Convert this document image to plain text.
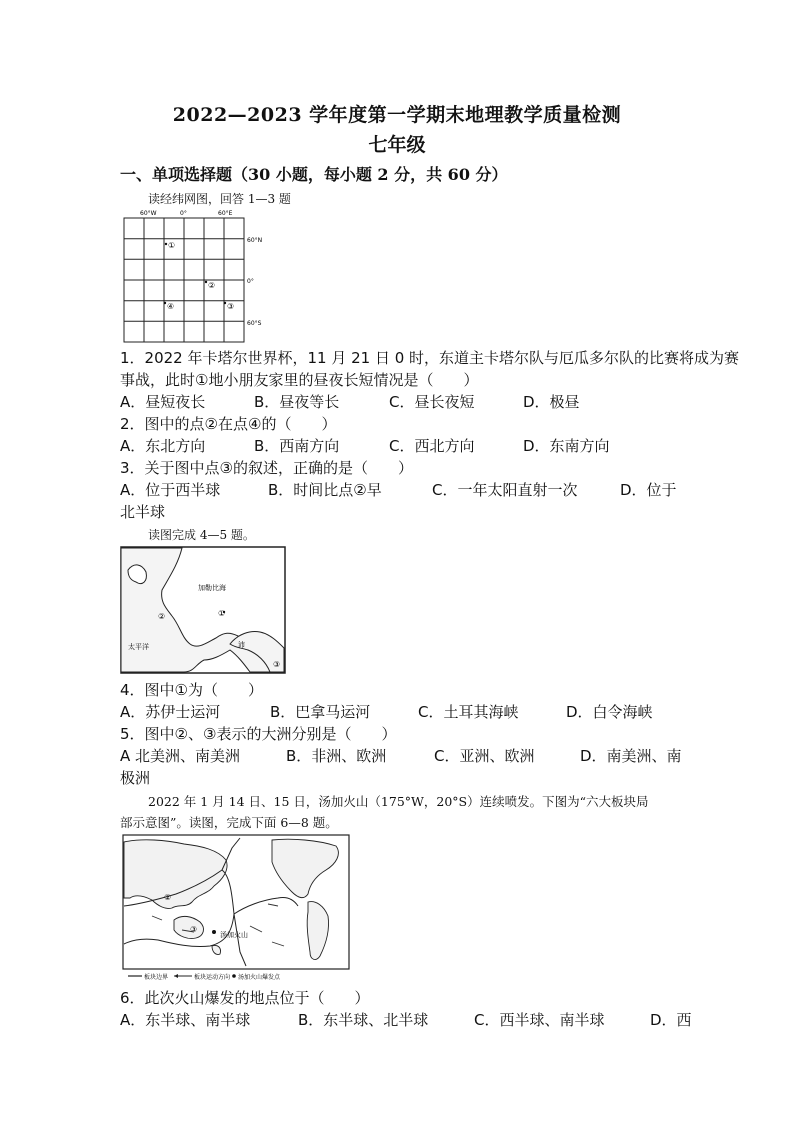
2022—2023 学年度第一学期末地理教学质量检测
七年级
一、单项选择题（30 小题，每小题 2 分，共 60 分）
读经纬网图，回答 1—3 题
60°W	0°	60°E
60°N
0°
60°S
①
②
③
④
1．2022 年卡塔尔世界杯，11 月 21 日 0 时，东道主卡塔尔队与厄瓜多尔队的比赛将成为赛
事战，此时①地小朋友家里的昼夜长短情况是（　　）
A．昼短夜长	B．昼夜等长	C．昼长夜短	D．极昼
2．图中的点②在点④的（　　）
A．东北方向	B．西南方向	C．西北方向	D．东南方向
3．关于图中点③的叙述，正确的是（　　）
A．位于西半球	B．时间比点②早	C．一年太阳直射一次	D．位于
北半球
读图完成 4—5 题。
①
②
③
加勒比海
太平洋	沛
4．图中①为（　　）
A．苏伊士运河	B．巴拿马运河	C．土耳其海峡	D．白令海峡
5．图中②、③表示的大洲分别是（　　）
A 北美洲、南美洲	B．非洲、欧洲	C．亚洲、欧洲	D．南美洲、南
极洲
2022 年 1 月 14 日、15 日，汤加火山（175°W，20°S）连续喷发。下图为“六大板块局
部示意图”。读图，完成下面 6—8 题。
汤加火山
②
③
板块边界	板块运动方向 汤加火山爆发点
6．此次火山爆发的地点位于（　　）
A．东半球、南半球	B．东半球、北半球	C．西半球、南半球	D．西
